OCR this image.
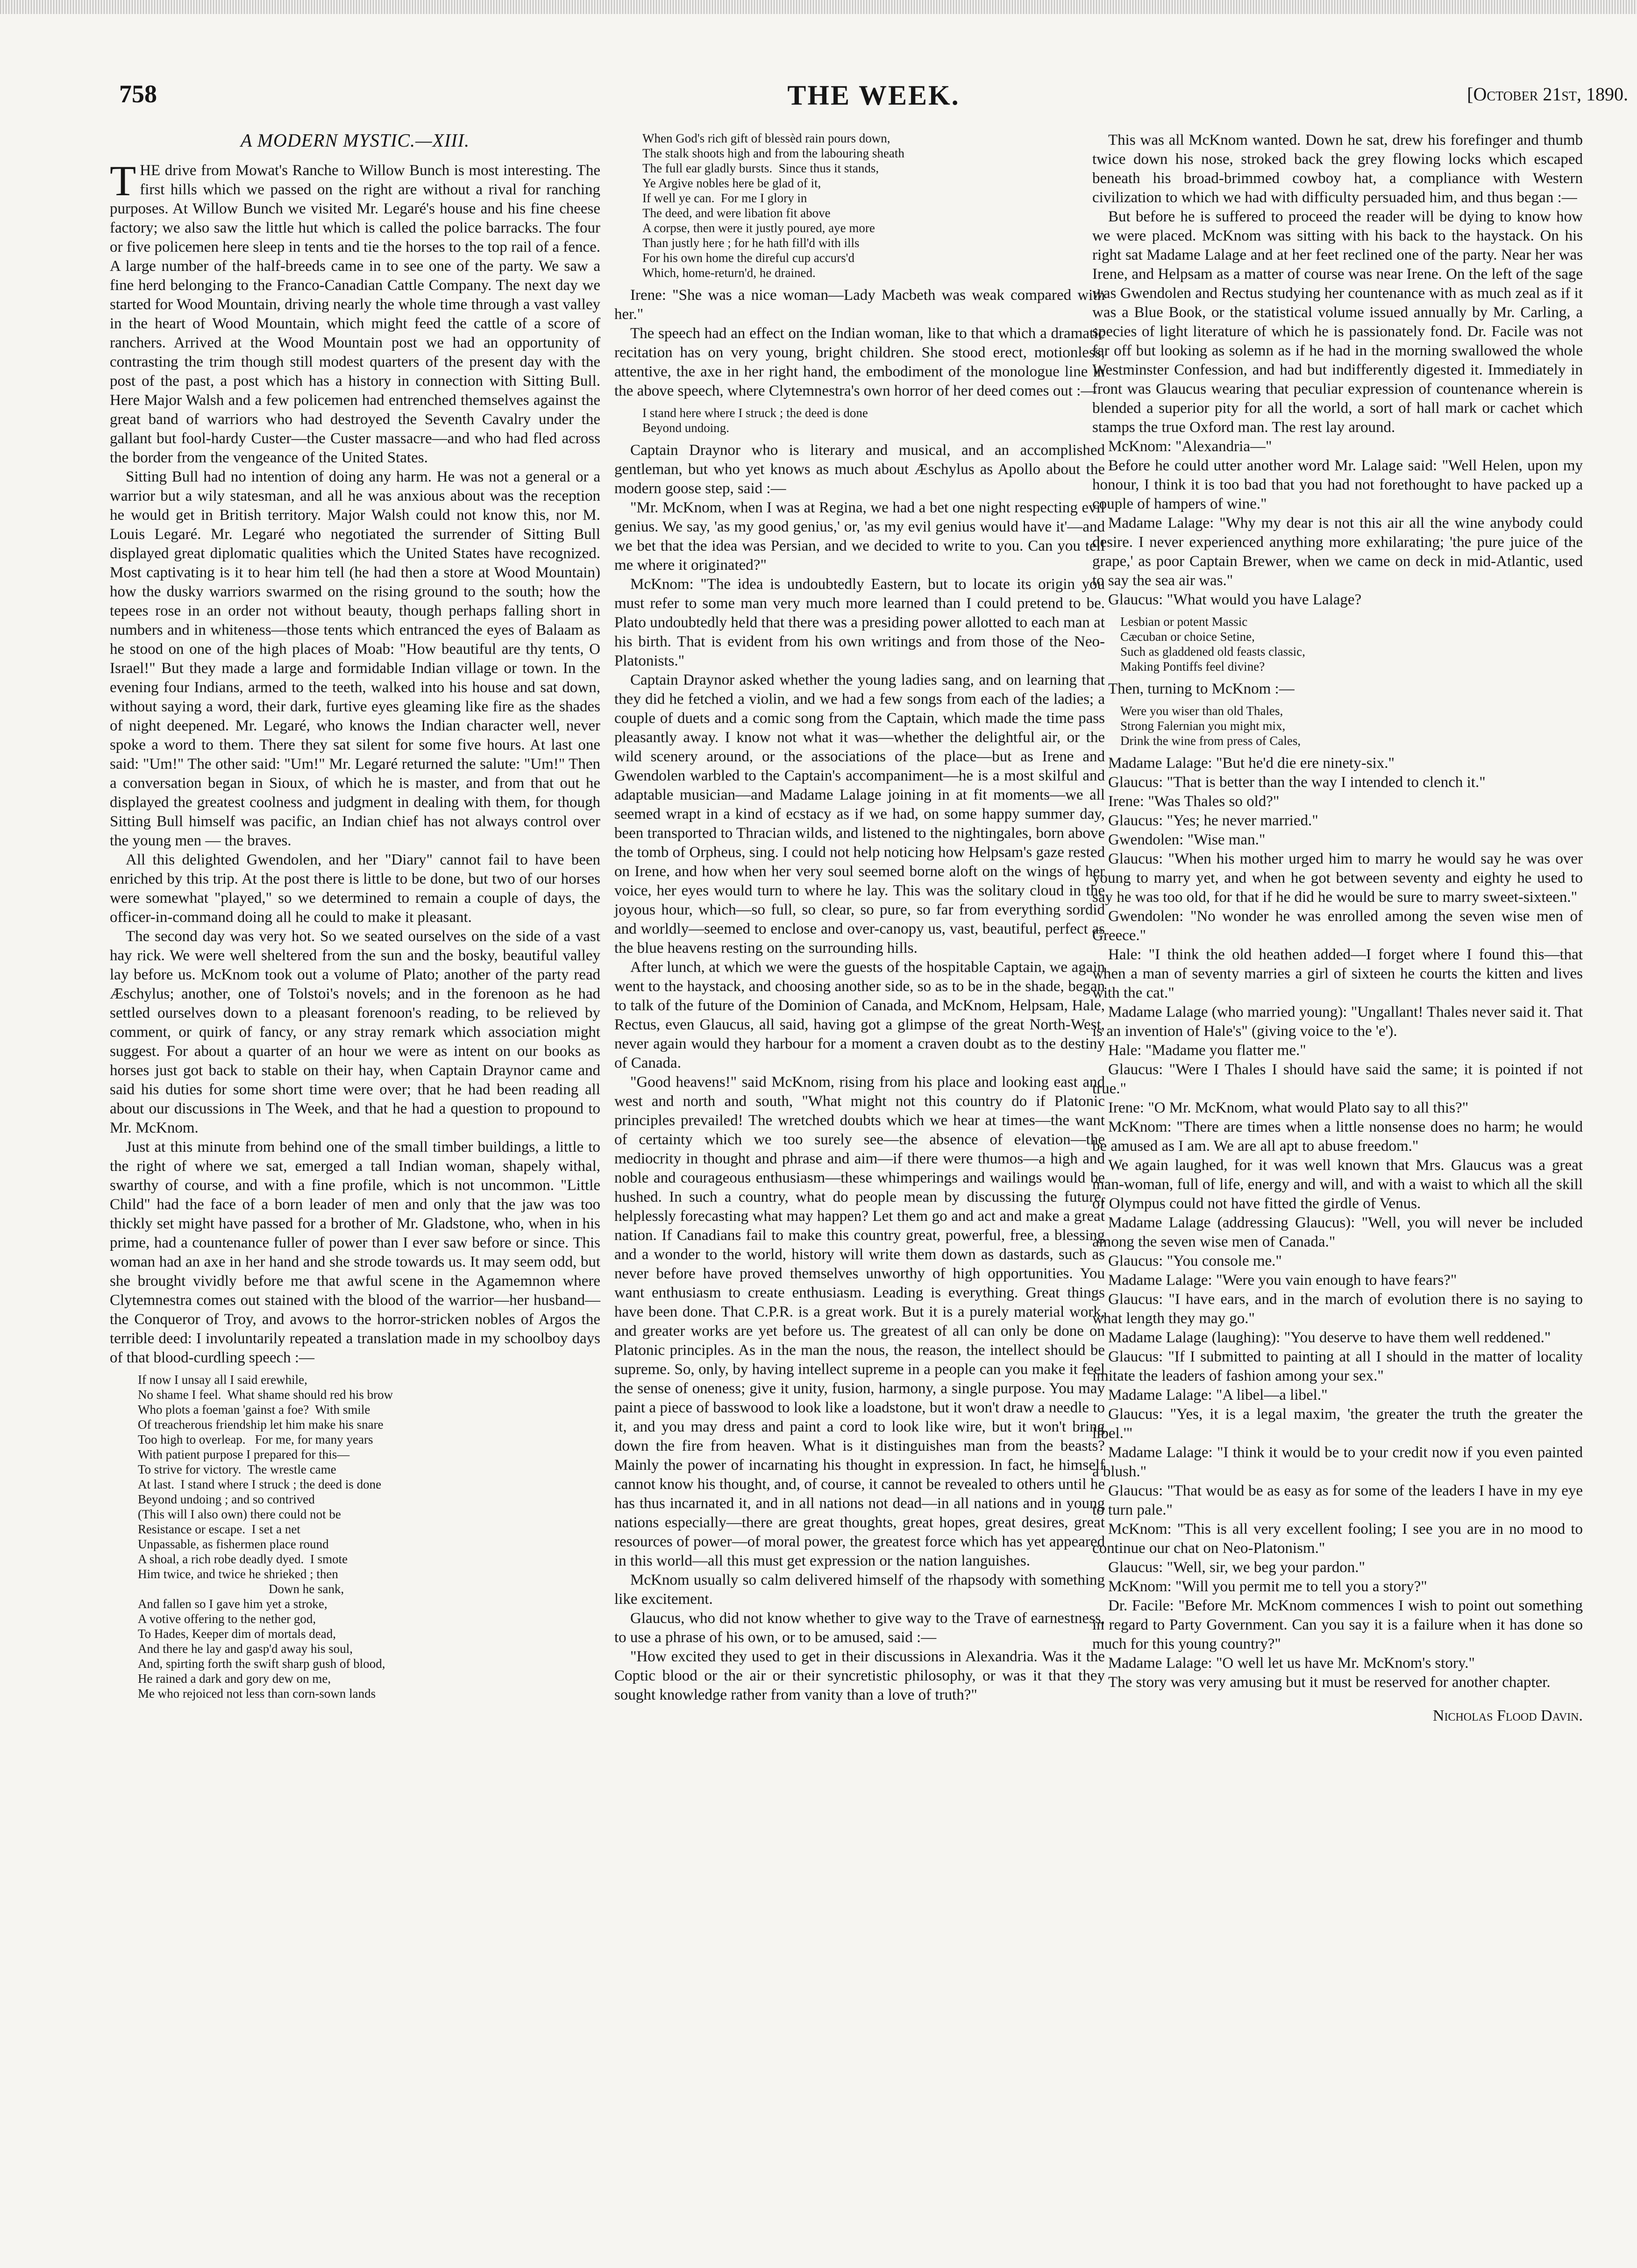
758	THE WEEK.	[October 21st, 1890.
A MODERN MYSTIC.—XIII.

THE drive from Mowat's Ranche to Willow Bunch is most interesting. The first hills which we passed on the right are without a rival for ranching purposes. At Willow Bunch we visited Mr. Legaré's house and his fine cheese factory; we also saw the little hut which is called the police barracks. The four or five policemen here sleep in tents and tie the horses to the top rail of a fence. A large number of the half-breeds came in to see one of the party. We saw a fine herd belonging to the Franco-Canadian Cattle Company. The next day we started for Wood Mountain, driving nearly the whole time through a vast valley in the heart of Wood Mountain, which might feed the cattle of a score of ranchers. Arrived at the Wood Mountain post we had an opportunity of contrasting the trim though still modest quarters of the present day with the post of the past, a post which has a history in connection with Sitting Bull. Here Major Walsh and a few policemen had entrenched themselves against the great band of warriors who had destroyed the Seventh Cavalry under the gallant but fool-hardy Custer—the Custer massacre—and who had fled across the border from the vengeance of the United States.

Sitting Bull had no intention of doing any harm. He was not a general or a warrior but a wily statesman, and all he was anxious about was the reception he would get in British territory. Major Walsh could not know this, nor M. Louis Legaré. Mr. Legaré who negotiated the surrender of Sitting Bull displayed great diplomatic qualities which the United States have recognized. Most captivating is it to hear him tell (he had then a store at Wood Mountain) how the dusky warriors swarmed on the rising ground to the south; how the tepees rose in an order not without beauty, though perhaps falling short in numbers and in whiteness—those tents which entranced the eyes of Balaam as he stood on one of the high places of Moab: "How beautiful are thy tents, O Israel!" But they made a large and formidable Indian village or town. In the evening four Indians, armed to the teeth, walked into his house and sat down, without saying a word, their dark, furtive eyes gleaming like fire as the shades of night deepened. Mr. Legaré, who knows the Indian character well, never spoke a word to them. There they sat silent for some five hours. At last one said: "Um!" The other said: "Um!" Mr. Legaré returned the salute: "Um!" Then a conversation began in Sioux, of which he is master, and from that out he displayed the greatest coolness and judgment in dealing with them, for though Sitting Bull himself was pacific, an Indian chief has not always control over the young men — the braves.

All this delighted Gwendolen, and her "Diary" cannot fail to have been enriched by this trip. At the post there is little to be done, but two of our horses were somewhat "played," so we determined to remain a couple of days, the officer-in-command doing all he could to make it pleasant.

The second day was very hot. So we seated ourselves on the side of a vast hay rick. We were well sheltered from the sun and the bosky, beautiful valley lay before us. McKnom took out a volume of Plato; another of the party read Æschylus; another, one of Tolstoi's novels; and in the forenoon as he had settled ourselves down to a pleasant forenoon's reading, to be relieved by comment, or quirk of fancy, or any stray remark which association might suggest. For about a quarter of an hour we were as intent on our books as horses just got back to stable on their hay, when Captain Draynor came and said his duties for some short time were over; that he had been reading all about our discussions in The Week, and that he had a question to propound to Mr. McKnom.

Just at this minute from behind one of the small timber buildings, a little to the right of where we sat, emerged a tall Indian woman, shapely withal, swarthy of course, and with a fine profile, which is not uncommon. "Little Child" had the face of a born leader of men and only that the jaw was too thickly set might have passed for a brother of Mr. Gladstone, who, when in his prime, had a countenance fuller of power than I ever saw before or since. This woman had an axe in her hand and she strode towards us. It may seem odd, but she brought vividly before me that awful scene in the Agamemnon where Clytemnestra comes out stained with the blood of the warrior—her husband—the Conqueror of Troy, and avows to the horror-stricken nobles of Argos the terrible deed: I involuntarily repeated a translation made in my schoolboy days of that blood-curdling speech :—

If now I unsay all I said erewhile,
No shame I feel.  What shame should red his brow
Who plots a foeman 'gainst a foe?  With smile
Of treacherous friendship let him make his snare
Too high to overleap.   For me, for many years
With patient purpose I prepared for this—
To strive for victory.  The wrestle came
At last.  I stand where I struck ; the deed is done
Beyond undoing ; and so contrived
(This will I also own) there could not be
Resistance or escape.  I set a net
Unpassable, as fishermen place round
A shoal, a rich robe deadly dyed.  I smote
Him twice, and twice he shrieked ; then
Down he sank,
And fallen so I gave him yet a stroke,
A votive offering to the nether god,
To Hades, Keeper dim of mortals dead,
And there he lay and gasp'd away his soul,
And, spirting forth the swift sharp gush of blood,
He rained a dark and gory dew on me,
Me who rejoiced not less than corn-sown lands
When God's rich gift of blessèd rain pours down,
The stalk shoots high and from the labouring sheath
The full ear gladly bursts.  Since thus it stands,
Ye Argive nobles here be glad of it,
If well ye can.  For me I glory in
The deed, and were libation fit above
A corpse, then were it justly poured, aye more
Than justly here ; for he hath fill'd with ills
For his own home the direful cup accurs'd
Which, home-return'd, he drained.

Irene: "She was a nice woman—Lady Macbeth was weak compared with her."

The speech had an effect on the Indian woman, like to that which a dramatic recitation has on very young, bright children. She stood erect, motionless, attentive, the axe in her right hand, the embodiment of the monologue line in the above speech, where Clytemnestra's own horror of her deed comes out :—

I stand here where I struck ; the deed is done
Beyond undoing.

Captain Draynor who is literary and musical, and an accomplished gentleman, but who yet knows as much about Æschylus as Apollo about the modern goose step, said :—

"Mr. McKnom, when I was at Regina, we had a bet one night respecting evil genius. We say, 'as my good genius,' or, 'as my evil genius would have it'—and we bet that the idea was Persian, and we decided to write to you. Can you tell me where it originated?"

McKnom: "The idea is undoubtedly Eastern, but to locate its origin you must refer to some man very much more learned than I could pretend to be. Plato undoubtedly held that there was a presiding power allotted to each man at his birth. That is evident from his own writings and from those of the Neo-Platonists."

Captain Draynor asked whether the young ladies sang, and on learning that they did he fetched a violin, and we had a few songs from each of the ladies; a couple of duets and a comic song from the Captain, which made the time pass pleasantly away. I know not what it was—whether the delightful air, or the wild scenery around, or the associations of the place—but as Irene and Gwendolen warbled to the Captain's accompaniment—he is a most skilful and adaptable musician—and Madame Lalage joining in at fit moments—we all seemed wrapt in a kind of ecstacy as if we had, on some happy summer day, been transported to Thracian wilds, and listened to the nightingales, born above the tomb of Orpheus, sing. I could not help noticing how Helpsam's gaze rested on Irene, and how when her very soul seemed borne aloft on the wings of her voice, her eyes would turn to where he lay. This was the solitary cloud in the joyous hour, which—so full, so clear, so pure, so far from everything sordid and worldly—seemed to enclose and over-canopy us, vast, beautiful, perfect as the blue heavens resting on the surrounding hills.

After lunch, at which we were the guests of the hospitable Captain, we again went to the haystack, and choosing another side, so as to be in the shade, began to talk of the future of the Dominion of Canada, and McKnom, Helpsam, Hale, Rectus, even Glaucus, all said, having got a glimpse of the great North-West, never again would they harbour for a moment a craven doubt as to the destiny of Canada.

"Good heavens!" said McKnom, rising from his place and looking east and west and north and south, "What might not this country do if Platonic principles prevailed! The wretched doubts which we hear at times—the want of certainty which we too surely see—the absence of elevation—the mediocrity in thought and phrase and aim—if there were thumos—a high and noble and courageous enthusiasm—these whimperings and wailings would be hushed. In such a country, what do people mean by discussing the future, helplessly forecasting what may happen? Let them go and act and make a great nation. If Canadians fail to make this country great, powerful, free, a blessing and a wonder to the world, history will write them down as dastards, such as never before have proved themselves unworthy of high opportunities. You want enthusiasm to create enthusiasm. Leading is everything. Great things have been done. That C.P.R. is a great work. But it is a purely material work, and greater works are yet before us. The greatest of all can only be done on Platonic principles. As in the man the nous, the reason, the intellect should be supreme. So, only, by having intellect supreme in a people can you make it feel the sense of oneness; give it unity, fusion, harmony, a single purpose. You may paint a piece of basswood to look like a loadstone, but it won't draw a needle to it, and you may dress and paint a cord to look like wire, but it won't bring down the fire from heaven. What is it distinguishes man from the beasts? Mainly the power of incarnating his thought in expression. In fact, he himself cannot know his thought, and, of course, it cannot be revealed to others until he has thus incarnated it, and in all nations not dead—in all nations and in young nations especially—there are great thoughts, great hopes, great desires, great resources of power—of moral power, the greatest force which has yet appeared in this world—all this must get expression or the nation languishes.

McKnom usually so calm delivered himself of the rhapsody with something like excitement.

Glaucus, who did not know whether to give way to the Trave of earnestness, to use a phrase of his own, or to be amused, said :—

"How excited they used to get in their discussions in Alexandria. Was it the Coptic blood or the air or their syncretistic philosophy, or was it that they sought knowledge rather from vanity than a love of truth?"

This was all McKnom wanted. Down he sat, drew his forefinger and thumb twice down his nose, stroked back the grey flowing locks which escaped beneath his broad-brimmed cowboy hat, a compliance with Western civilization to which we had with difficulty persuaded him, and thus began :—

But before he is suffered to proceed the reader will be dying to know how we were placed. McKnom was sitting with his back to the haystack. On his right sat Madame Lalage and at her feet reclined one of the party. Near her was Irene, and Helpsam as a matter of course was near Irene. On the left of the sage was Gwendolen and Rectus studying her countenance with as much zeal as if it was a Blue Book, or the statistical volume issued annually by Mr. Carling, a species of light literature of which he is passionately fond. Dr. Facile was not far off but looking as solemn as if he had in the morning swallowed the whole Westminster Confession, and had but indifferently digested it. Immediately in front was Glaucus wearing that peculiar expression of countenance wherein is blended a superior pity for all the world, a sort of hall mark or cachet which stamps the true Oxford man. The rest lay around.

McKnom: "Alexandria—"

Before he could utter another word Mr. Lalage said: "Well Helen, upon my honour, I think it is too bad that you had not forethought to have packed up a couple of hampers of wine."

Madame Lalage: "Why my dear is not this air all the wine anybody could desire. I never experienced anything more exhilarating; 'the pure juice of the grape,' as poor Captain Brewer, when we came on deck in mid-Atlantic, used to say the sea air was."

Glaucus: "What would you have Lalage?

Lesbian or potent Massic
Cæcuban or choice Setine,
Such as gladdened old feasts classic,
Making Pontiffs feel divine?

Then, turning to McKnom :—

Were you wiser than old Thales,
Strong Falernian you might mix,
Drink the wine from press of Cales,

Madame Lalage: "But he'd die ere ninety-six."

Glaucus: "That is better than the way I intended to clench it."

Irene: "Was Thales so old?"

Glaucus: "Yes; he never married."

Gwendolen: "Wise man."

Glaucus: "When his mother urged him to marry he would say he was over young to marry yet, and when he got between seventy and eighty he used to say he was too old, for that if he did he would be sure to marry sweet-sixteen."

Gwendolen: "No wonder he was enrolled among the seven wise men of Greece."

Hale: "I think the old heathen added—I forget where I found this—that when a man of seventy marries a girl of sixteen he courts the kitten and lives with the cat."

Madame Lalage (who married young): "Ungallant! Thales never said it. That is an invention of Hale's" (giving voice to the 'e').

Hale: "Madame you flatter me."

Glaucus: "Were I Thales I should have said the same; it is pointed if not true."

Irene: "O Mr. McKnom, what would Plato say to all this?"

McKnom: "There are times when a little nonsense does no harm; he would be amused as I am. We are all apt to abuse freedom."

We again laughed, for it was well known that Mrs. Glaucus was a great man-woman, full of life, energy and will, and with a waist to which all the skill of Olympus could not have fitted the girdle of Venus.

Madame Lalage (addressing Glaucus): "Well, you will never be included among the seven wise men of Canada."

Glaucus: "You console me."

Madame Lalage: "Were you vain enough to have fears?"

Glaucus: "I have ears, and in the march of evolution there is no saying to what length they may go."

Madame Lalage (laughing): "You deserve to have them well reddened."

Glaucus: "If I submitted to painting at all I should in the matter of locality imitate the leaders of fashion among your sex."

Madame Lalage: "A libel—a libel."

Glaucus: "Yes, it is a legal maxim, 'the greater the truth the greater the libel.'"

Madame Lalage: "I think it would be to your credit now if you even painted a blush."

Glaucus: "That would be as easy as for some of the leaders I have in my eye to turn pale."

McKnom: "This is all very excellent fooling; I see you are in no mood to continue our chat on Neo-Platonism."

Glaucus: "Well, sir, we beg your pardon."

McKnom: "Will you permit me to tell you a story?"

Dr. Facile: "Before Mr. McKnom commences I wish to point out something in regard to Party Government. Can you say it is a failure when it has done so much for this young country?"

Madame Lalage: "O well let us have Mr. McKnom's story."

The story was very amusing but it must be reserved for another chapter.

Nicholas Flood Davin.
